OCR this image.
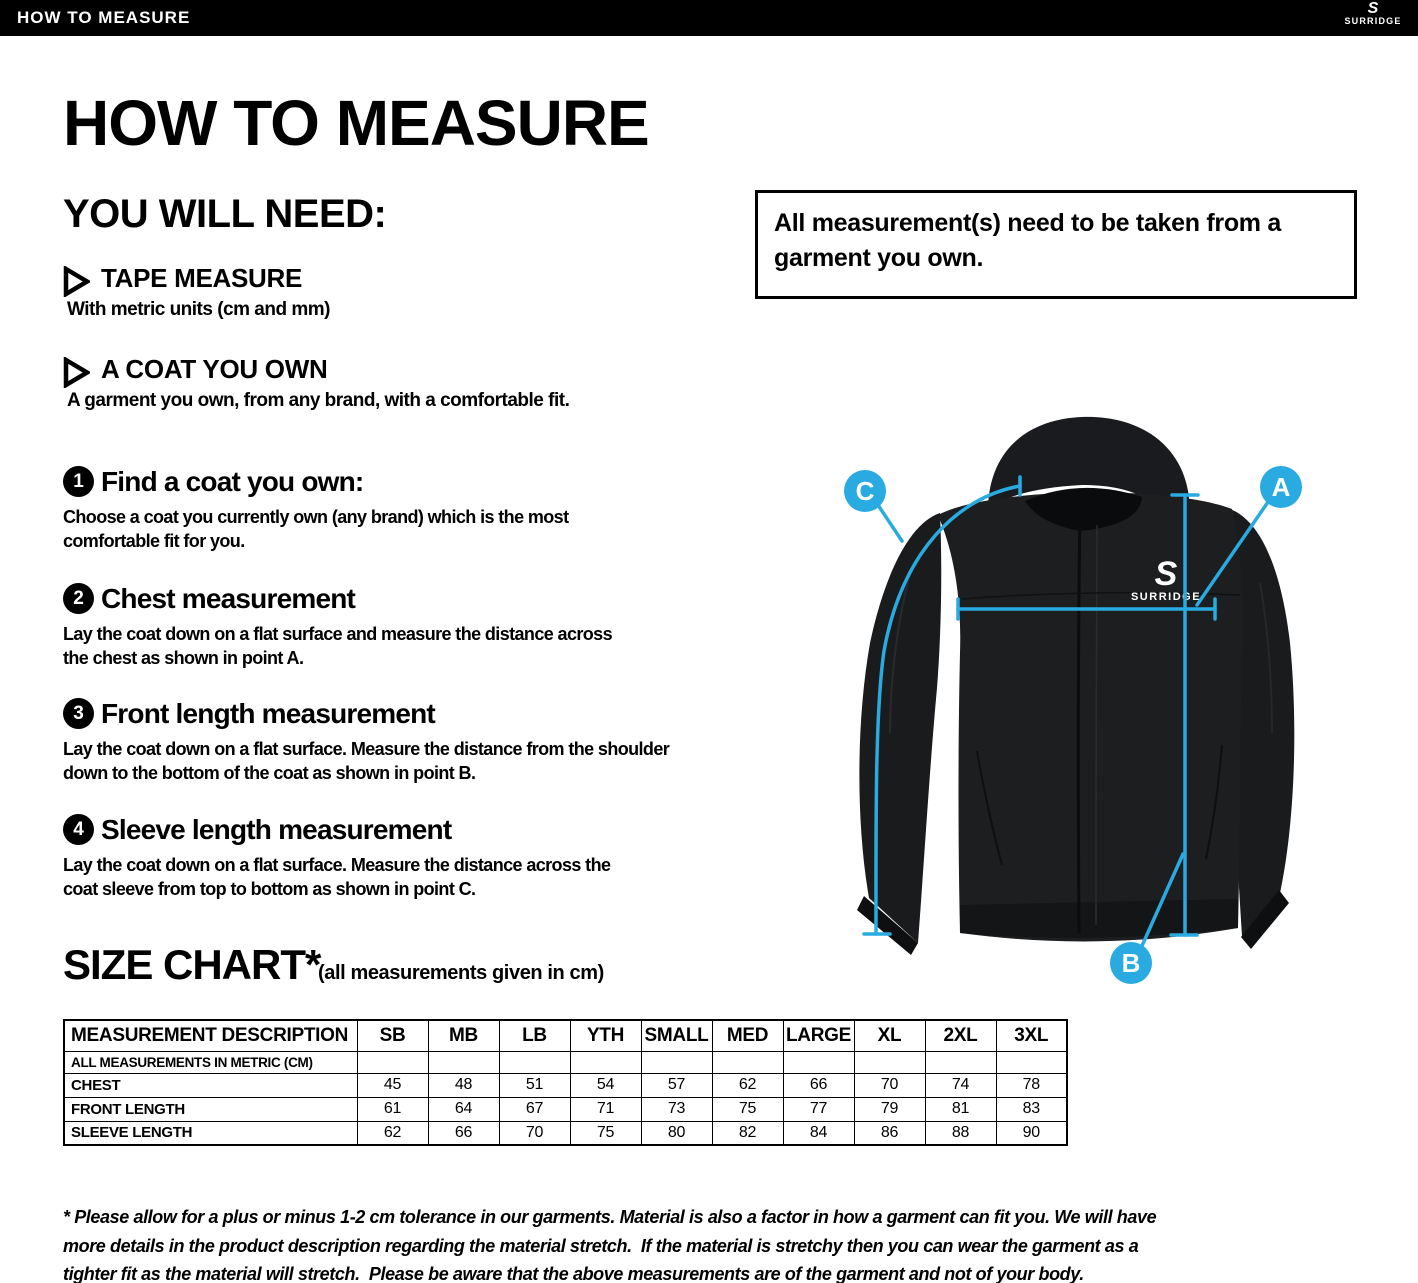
HOW TO MEASURE	S
SURRIDGE
HOW TO MEASURE
YOU WILL NEED:
TAPE MEASURE
With metric units (cm and mm)
A COAT YOU OWN
A garment you own, from any brand, with a comfortable fit.
All measurement(s) need to be taken from a
garment you own.
1 Find a coat you own:
Choose a coat you currently own (any brand) which is the most
comfortable fit for you.
2 Chest measurement
Lay the coat down on a flat surface and measure the distance across
the chest as shown in point A.
3 Front length measurement
Lay the coat down on a flat surface. Measure the distance from the shoulder
down to the bottom of the coat as shown in point B.
4 Sleeve length measurement
Lay the coat down on a flat surface. Measure the distance across the
coat sleeve from top to bottom as shown in point C.
S
SURRIDGE
C	A
B
SIZE CHART*
(all measurements given in cm)
MEASUREMENT DESCRIPTION	SB	MB	LB	YTH	SMALL	MED	LARGE	XL	2XL	3XL
ALL MEASUREMENTS IN METRIC (CM)										
CHEST	45	48	51	54	57	62	66	70	74	78
FRONT LENGTH	61	64	67	71	73	75	77	79	81	83
SLEEVE LENGTH	62	66	70	75	80	82	84	86	88	90
* Please allow for a plus or minus 1-2 cm tolerance in our garments. Material is also a factor in how a garment can fit you. We will have
more details in the product description regarding the material stretch.  If the material is stretchy then you can wear the garment as a
tighter fit as the material will stretch.  Please be aware that the above measurements are of the garment and not of your body.
